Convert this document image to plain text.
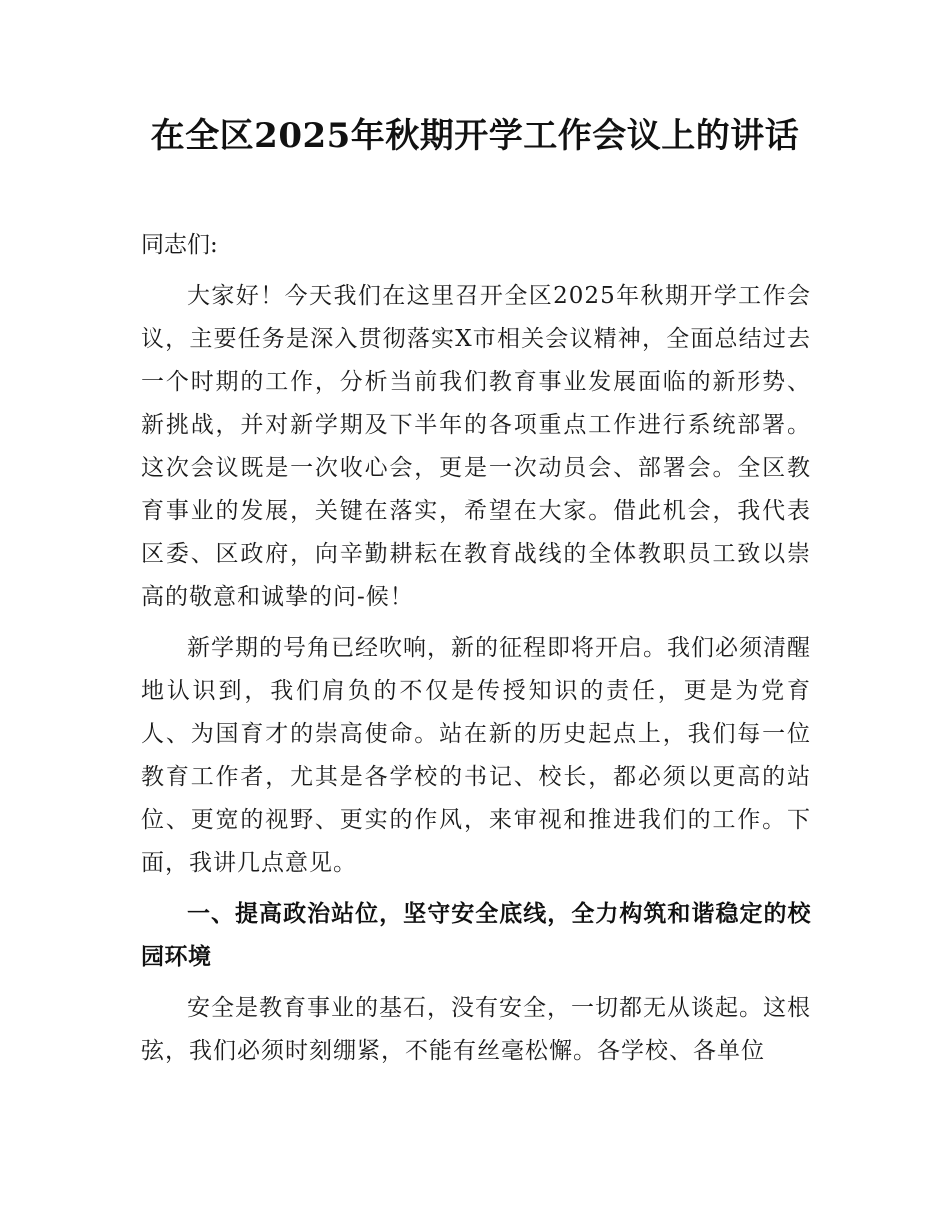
在全区2025年秋期开学工作会议上的讲话

同志们:

大家好！今天我们在这里召开全区2025年秋期开学工作会议，主要任务是深入贯彻落实X市相关会议精神，全面总结过去一个时期的工作，分析当前我们教育事业发展面临的新形势、新挑战，并对新学期及下半年的各项重点工作进行系统部署。这次会议既是一次收心会，更是一次动员会、部署会。全区教育事业的发展，关键在落实，希望在大家。借此机会，我代表区委、区政府，向辛勤耕耘在教育战线的全体教职员工致以崇高的敬意和诚挚的问-候！

新学期的号角已经吹响，新的征程即将开启。我们必须清醒地认识到，我们肩负的不仅是传授知识的责任，更是为党育人、为国育才的崇高使命。站在新的历史起点上，我们每一位教育工作者，尤其是各学校的书记、校长，都必须以更高的站位、更宽的视野、更实的作风，来审视和推进我们的工作。下面，我讲几点意见。

一、提高政治站位，坚守安全底线，全力构筑和谐稳定的校园环境

安全是教育事业的基石，没有安全，一切都无从谈起。这根弦，我们必须时刻绷紧，不能有丝毫松懈。各学校、各单位
